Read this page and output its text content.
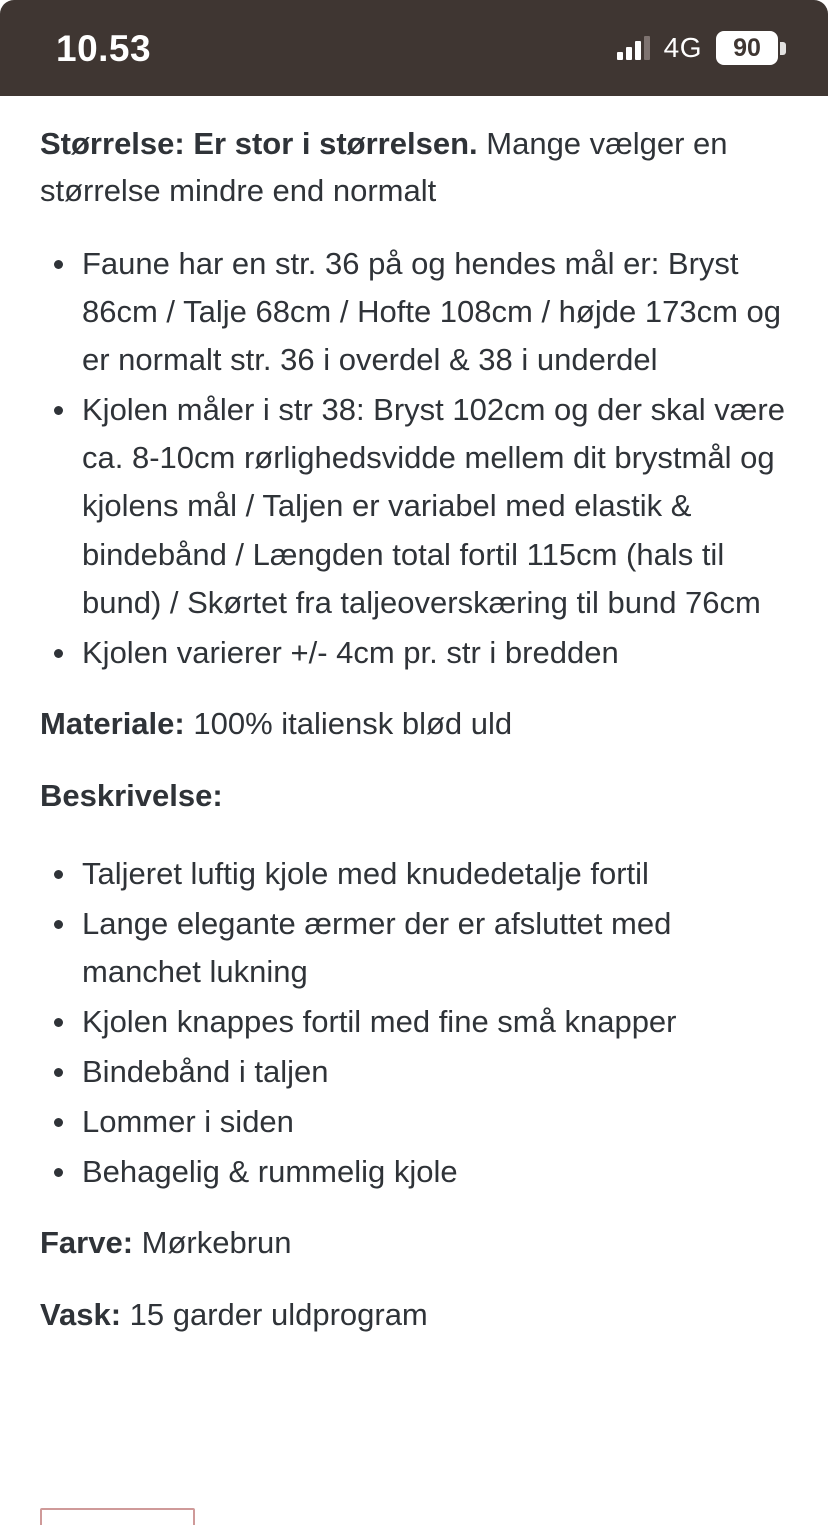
10.53	4G 90

Størrelse: Er stor i størrelsen. Mange vælger en størrelse mindre end normalt

Faune har en str. 36 på og hendes mål er: Bryst 86cm / Talje 68cm / Hofte 108cm / højde 173cm og er normalt str. 36 i overdel & 38 i underdel
Kjolen måler i str 38: Bryst 102cm og der skal være ca. 8-10cm rørlighedsvidde mellem dit brystmål og kjolens mål / Taljen er variabel med elastik & bindebånd / Længden total fortil 115cm (hals til bund) / Skørtet fra taljeoverskæring til bund 76cm
Kjolen varierer +/- 4cm pr. str i bredden

Materiale: 100% italiensk blød uld

Beskrivelse:

Taljeret luftig kjole med knudedetalje fortil
Lange elegante ærmer der er afsluttet med manchet lukning
Kjolen knappes fortil med fine små knapper
Bindebånd i taljen
Lommer i siden
Behagelig & rummelig kjole

Farve: Mørkebrun

Vask: 15 garder uldprogram
